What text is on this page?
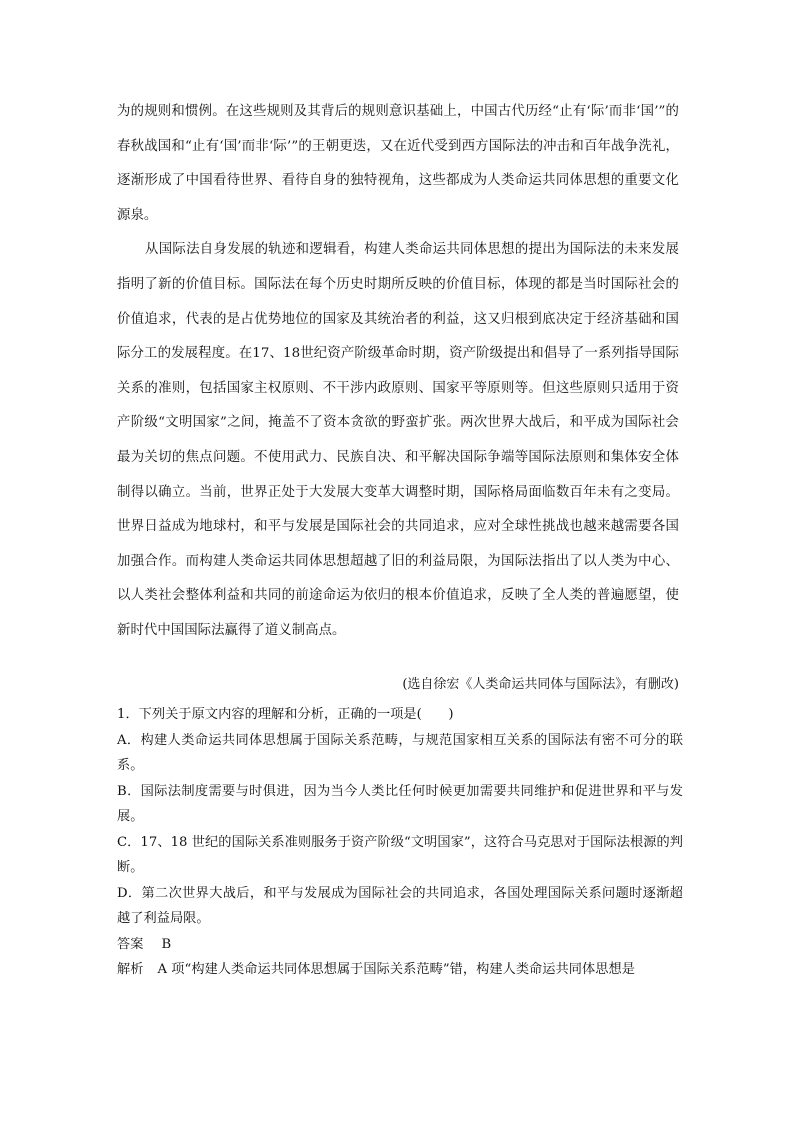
为的规则和惯例。在这些规则及其背后的规则意识基础上，中国古代历经“止有‘际’而非‘国’”的春秋战国和“止有‘国’而非‘际’”的王朝更迭，又在近代受到西方国际法的冲击和百年战争洗礼，逐渐形成了中国看待世界、看待自身的独特视角，这些都成为人类命运共同体思想的重要文化源泉。

从国际法自身发展的轨迹和逻辑看，构建人类命运共同体思想的提出为国际法的未来发展指明了新的价值目标。国际法在每个历史时期所反映的价值目标，体现的都是当时国际社会的价值追求，代表的是占优势地位的国家及其统治者的利益，这又归根到底决定于经济基础和国际分工的发展程度。在17、18世纪资产阶级革命时期，资产阶级提出和倡导了一系列指导国际关系的准则，包括国家主权原则、不干涉内政原则、国家平等原则等。但这些原则只适用于资产阶级“文明国家”之间，掩盖不了资本贪欲的野蛮扩张。两次世界大战后，和平成为国际社会最为关切的焦点问题。不使用武力、民族自决、和平解决国际争端等国际法原则和集体安全体制得以确立。当前，世界正处于大发展大变革大调整时期，国际格局面临数百年未有之变局。世界日益成为地球村，和平与发展是国际社会的共同追求，应对全球性挑战也越来越需要各国加强合作。而构建人类命运共同体思想超越了旧的利益局限，为国际法指出了以人类为中心、以人类社会整体利益和共同的前途命运为依归的根本价值追求，反映了全人类的普遍愿望，使新时代中国国际法赢得了道义制高点。

(选自徐宏《人类命运共同体与国际法》，有删改)

1．下列关于原文内容的理解和分析，正确的一项是(　　)

A．构建人类命运共同体思想属于国际关系范畴，与规范国家相互关系的国际法有密不可分的联系。

B．国际法制度需要与时俱进，因为当今人类比任何时候更加需要共同维护和促进世界和平与发展。

C．17、18 世纪的国际关系准则服务于资产阶级“文明国家”，这符合马克思对于国际法根源的判断。

D．第二次世界大战后，和平与发展成为国际社会的共同追求，各国处理国际关系问题时逐渐超越了利益局限。

答案 B

解析 A 项“构建人类命运共同体思想属于国际关系范畴”错，构建人类命运共同体思想是
